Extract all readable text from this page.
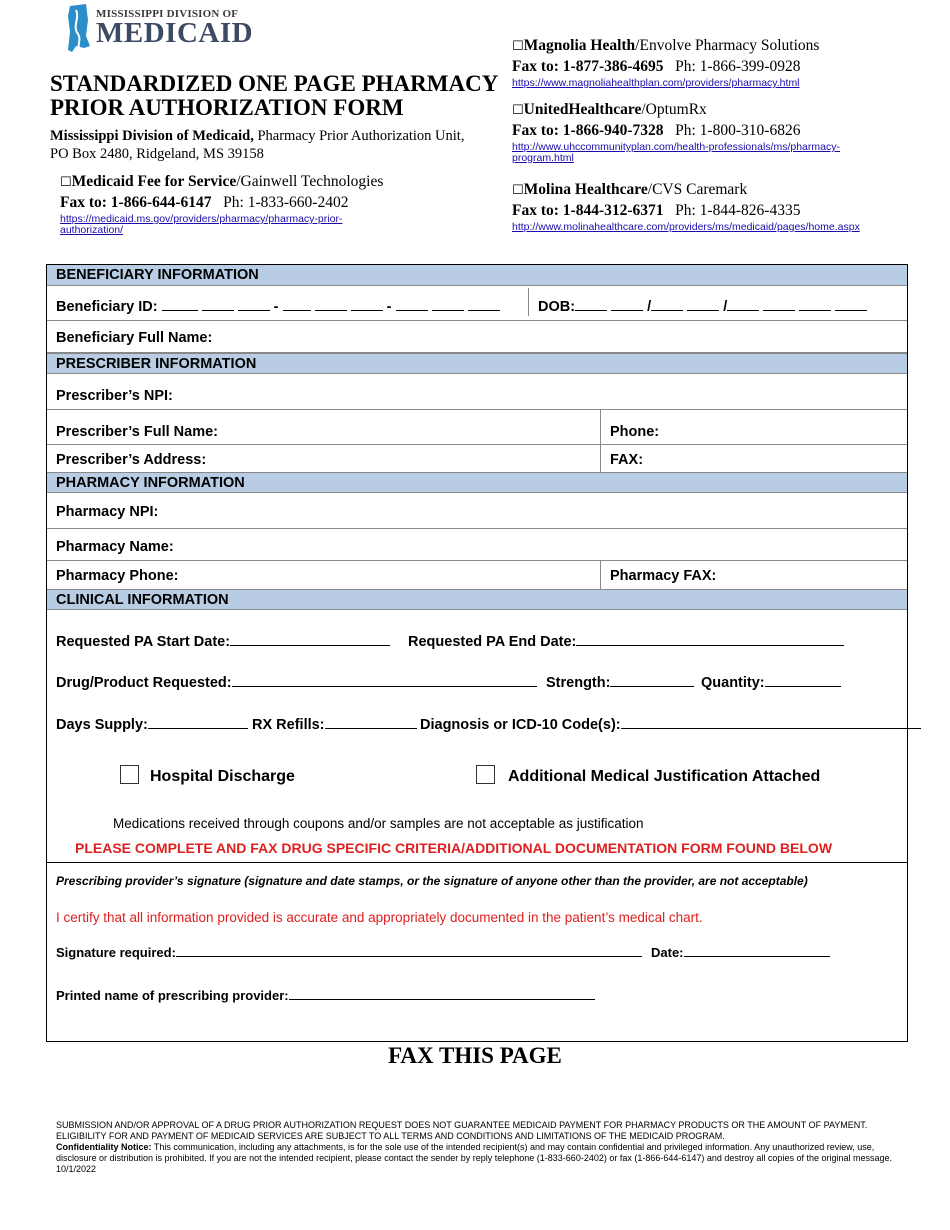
MISSISSIPPI DIVISION OF
MEDICAID
STANDARDIZED ONE PAGE PHARMACY PRIOR AUTHORIZATION FORM
Mississippi Division of Medicaid, Pharmacy Prior Authorization Unit,
PO Box 2480, Ridgeland, MS 39158
☐Medicaid Fee for Service/Gainwell Technologies
Fax to: 1-866-644-6147 Ph: 1-833-660-2402
https://medicaid.ms.gov/providers/pharmacy/pharmacy-prior-
authorization/
☐Magnolia Health/Envolve Pharmacy Solutions
Fax to: 1-877-386-4695 Ph: 1-866-399-0928
https://www.magnoliahealthplan.com/providers/pharmacy.html
☐UnitedHealthcare/OptumRx
Fax to: 1-866-940-7328 Ph: 1-800-310-6826
http://www.uhccommunityplan.com/health-professionals/ms/pharmacy-
program.html
☐Molina Healthcare/CVS Caremark
Fax to: 1-844-312-6371 Ph: 1-844-826-4335
http://www.molinahealthcare.com/providers/ms/medicaid/pages/home.aspx
BENEFICIARY INFORMATION
Beneficiary ID:	-	-	DOB:	/	/
Beneficiary Full Name:
PRESCRIBER INFORMATION
Prescriber’s NPI:
Prescriber’s Full Name:	Phone:
Prescriber’s Address:	FAX:
PHARMACY INFORMATION
Pharmacy NPI:
Pharmacy Name:
Pharmacy Phone:	Pharmacy FAX:
CLINICAL INFORMATION
Requested PA Start Date:	Requested PA End Date:
Drug/Product Requested:	Strength:	Quantity:
Days Supply:	RX Refills:	Diagnosis or ICD-10 Code(s):
Hospital Discharge	Additional Medical Justification Attached
Medications received through coupons and/or samples are not acceptable as justification
PLEASE COMPLETE AND FAX DRUG SPECIFIC CRITERIA/ADDITIONAL DOCUMENTATION FORM FOUND BELOW
Prescribing provider’s signature (signature and date stamps, or the signature of anyone other than the provider, are not acceptable)
I certify that all information provided is accurate and appropriately documented in the patient’s medical chart.
Signature required:	Date:
Printed name of prescribing provider:
FAX THIS PAGE
SUBMISSION AND/OR APPROVAL OF A DRUG PRIOR AUTHORIZATION REQUEST DOES NOT GUARANTEE MEDICAID PAYMENT FOR PHARMACY PRODUCTS OR THE AMOUNT OF PAYMENT. ELIGIBILITY FOR AND PAYMENT OF MEDICAID SERVICES ARE SUBJECT TO ALL TERMS AND CONDITIONS AND LIMITATIONS OF THE MEDICAID PROGRAM.
Confidentiality Notice: This communication, including any attachments, is for the sole use of the intended recipient(s) and may contain confidential and privileged information. Any unauthorized review, use, disclosure or distribution is prohibited. If you are not the intended recipient, please contact the sender by reply telephone (1-833-660-2402) or fax (1-866-644-6147) and destroy all copies of the original message.
10/1/2022
